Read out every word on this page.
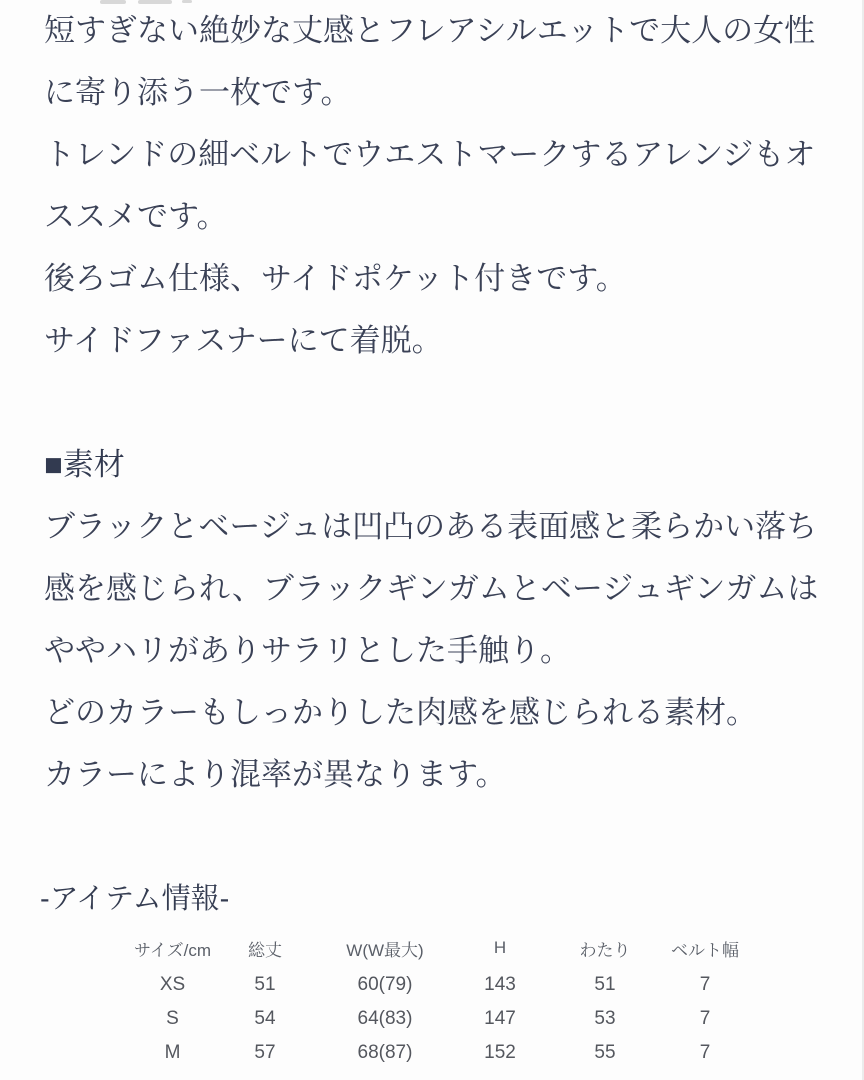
短すぎない絶妙な丈感とフレアシルエットで大人の女性
に寄り添う一枚です。
トレンドの細ベルトでウエストマークするアレンジもオ
ススメです。
後ろゴム仕様、サイドポケット付きです。
サイドファスナーにて着脱。
■素材
ブラックとベージュは凹凸のある表面感と柔らかい落ち
感を感じられ、ブラックギンガムとベージュギンガムは
ややハリがありサラリとした手触り。
どのカラーもしっかりした肉感を感じられる素材。
カラーにより混率が異なります。
-アイテム情報-
サイズ/cm	総丈	W(W最大)	H	わたり	ベルト幅
XS	51	60(79)	143	51	7
S	54	64(83)	147	53	7
M	57	68(87)	152	55	7
